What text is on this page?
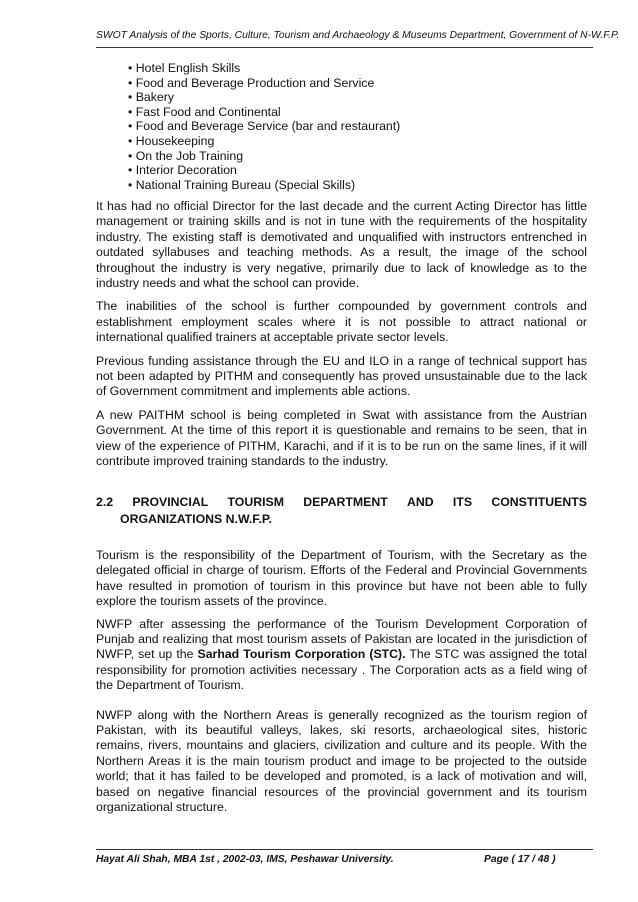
SWOT Analysis of the Sports, Culture, Tourism and Archaeology & Museums Department, Government of N-W.F.P.
• Hotel English Skills
• Food and Beverage Production and Service
• Bakery
• Fast Food and Continental
• Food and Beverage Service (bar and restaurant)
• Housekeeping
• On the Job Training
• Interior Decoration
• National Training Bureau (Special Skills)

It has had no official Director for the last decade and the current Acting Director has little management or training skills and is not in tune with the requirements of the hospitality industry. The existing staff is demotivated and unqualified with instructors entrenched in outdated syllabuses and teaching methods. As a result, the image of the school throughout the industry is very negative, primarily due to lack of knowledge as to the industry needs and what the school can provide.

The inabilities of the school is further compounded by government controls and establishment employment scales where it is not possible to attract national or international qualified trainers at acceptable private sector levels.

Previous funding assistance through the EU and ILO in a range of technical support has not been adapted by PITHM and consequently has proved unsustainable due to the lack of Government commitment and implements able actions.

A new PAITHM school is being completed in Swat with assistance from the Austrian Government. At the time of this report it is questionable and remains to be seen, that in view of the experience of PITHM, Karachi, and if it is to be run on the same lines, if it will contribute improved training standards to the industry.

2.2 PROVINCIAL TOURISM DEPARTMENT AND ITS CONSTITUENTS
ORGANIZATIONS N.W.F.P.

Tourism is the responsibility of the Department of Tourism, with the Secretary as the delegated official in charge of tourism. Efforts of the Federal and Provincial Governments have resulted in promotion of tourism in this province but have not been able to fully explore the tourism assets of the province.

NWFP after assessing the performance of the Tourism Development Corporation of Punjab and realizing that most tourism assets of Pakistan are located in the jurisdiction of NWFP, set up the Sarhad Tourism Corporation (STC). The STC was assigned the total responsibility for promotion activities necessary . The Corporation acts as a field wing of the Department of Tourism.

NWFP along with the Northern Areas is generally recognized as the tourism region of Pakistan, with its beautiful valleys, lakes, ski resorts, archaeological sites, historic remains, rivers, mountains and glaciers, civilization and culture and its people. With the Northern Areas it is the main tourism product and image to be projected to the outside world; that it has failed to be developed and promoted, is a lack of motivation and will, based on negative financial resources of the provincial government and its tourism organizational structure.

Hayat Ali Shah, MBA 1st , 2002-03, IMS, Peshawar University.	Page ( 17 / 48 )
